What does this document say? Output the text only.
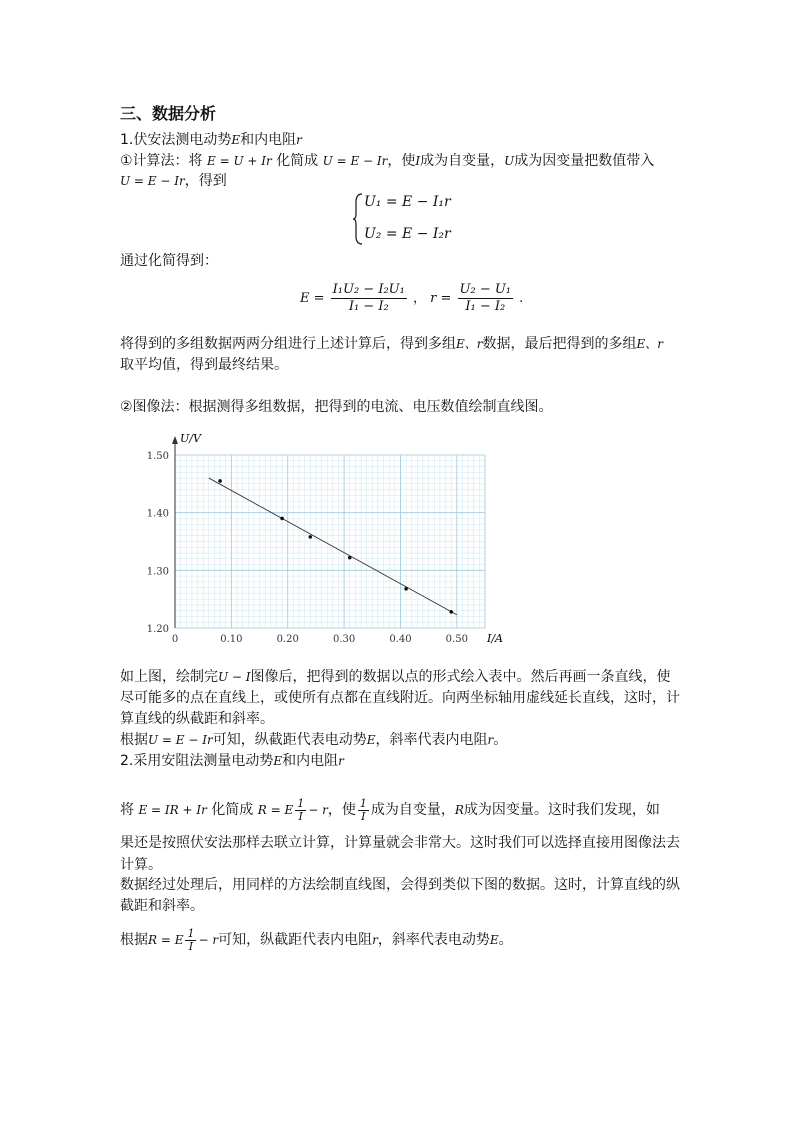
三、数据分析
1.伏安法测电动势E和内电阻r
①计算法：将 E = U + Ir 化简成 U = E − Ir，使I成为自变量，U成为因变量把数值带入
U = E − Ir，得到
U₁ = E − I₁r
U₂ = E − I₂r
通过化简得到：
$E = \frac{\text{I₁U₂ − I₂U₁}}{\text{I₁ − I₂}}$ ， $r = \frac{\text{U₂ − U₁}}{\text{I₁ − I₂}}$ .
将得到的多组数据两两分组进行上述计算后，得到多组E、r数据，最后把得到的多组E、r
取平均值，得到最终结果。
②图像法：根据测得多组数据，把得到的电流、电压数值绘制直线图。
0	0.10	0.20	0.30	0.40	0.50
1.20
1.30
1.40
1.50
U/V
I/A
如上图，绘制完U − I图像后，把得到的数据以点的形式绘入表中。然后再画一条直线，使
尽可能多的点在直线上，或使所有点都在直线附近。向两坐标轴用虚线延长直线，这时，计
算直线的纵截距和斜率。
根据U = E − Ir可知，纵截距代表电动势E，斜率代表内电阻r。
2.采用安阻法测量电动势E和内电阻r
将 E = IR + Ir 化简成 R = E $\frac{1}{I} - r$，使 $\frac{1}{I}$ 成为自变量，R成为因变量。这时我们发现，如
果还是按照伏安法那样去联立计算，计算量就会非常大。这时我们可以选择直接用图像法去
计算。
数据经过处理后，用同样的方法绘制直线图，会得到类似下图的数据。这时，计算直线的纵
截距和斜率。
根据R = E $\frac{1}{I} - r$可知，纵截距代表内电阻r，斜率代表电动势E。
